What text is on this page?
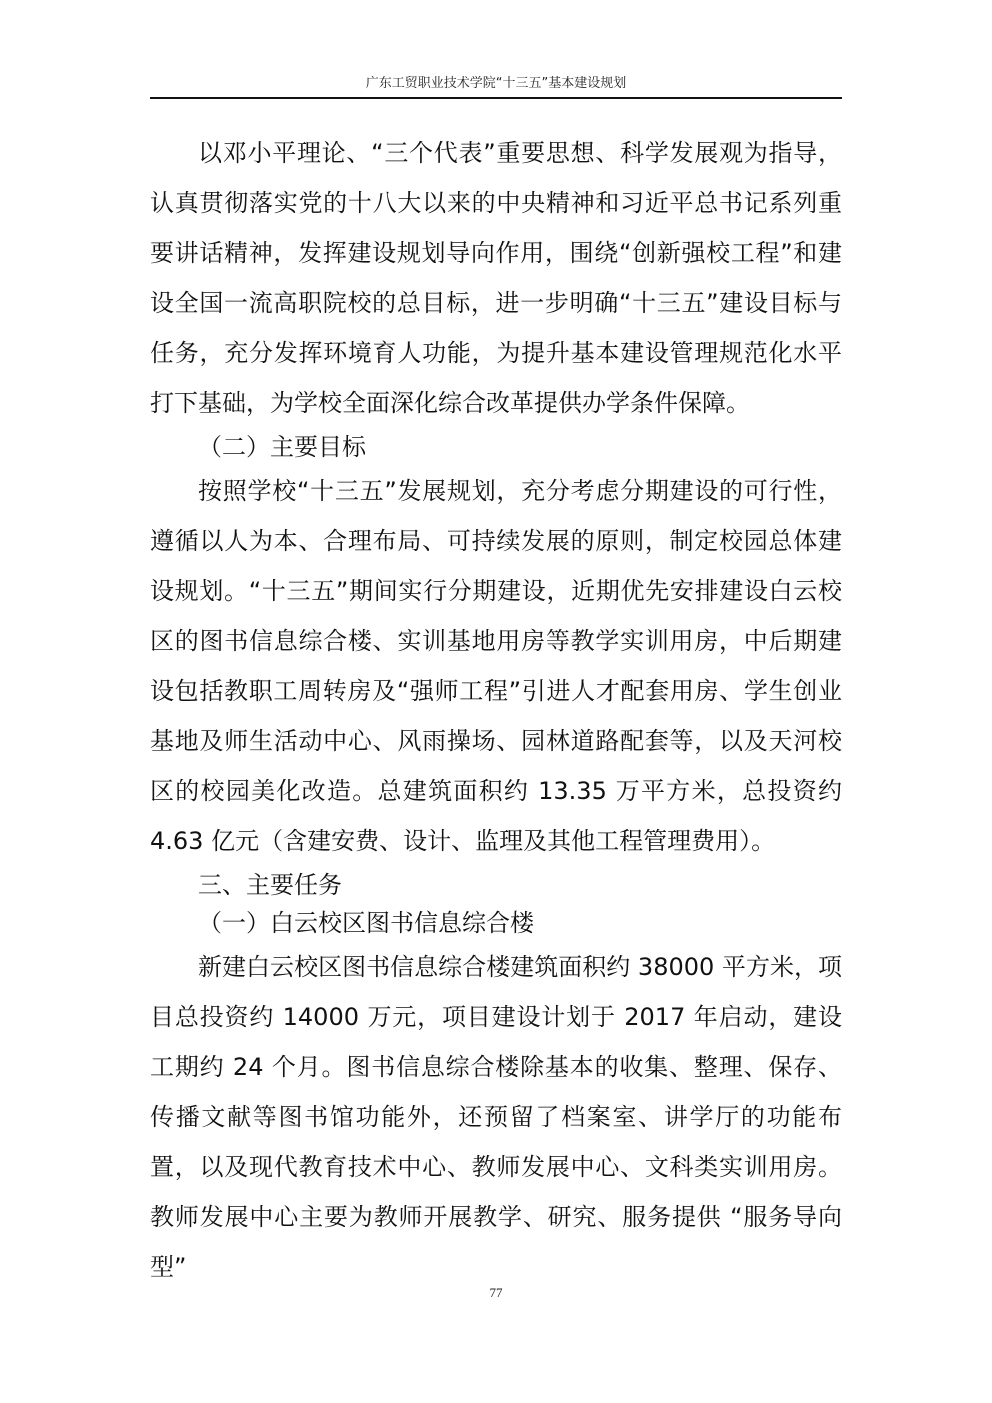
广东工贸职业技术学院“十三五”基本建设规划

以邓小平理论、“三个代表”重要思想、科学发展观为指导，认真贯彻落实党的十八大以来的中央精神和习近平总书记系列重要讲话精神，发挥建设规划导向作用，围绕“创新强校工程”和建设全国一流高职院校的总目标，进一步明确“十三五”建设目标与任务，充分发挥环境育人功能，为提升基本建设管理规范化水平打下基础，为学校全面深化综合改革提供办学条件保障。

（二）主要目标

按照学校“十三五”发展规划，充分考虑分期建设的可行性，遵循以人为本、合理布局、可持续发展的原则，制定校园总体建设规划。“十三五”期间实行分期建设，近期优先安排建设白云校区的图书信息综合楼、实训基地用房等教学实训用房，中后期建设包括教职工周转房及“强师工程”引进人才配套用房、学生创业基地及师生活动中心、风雨操场、园林道路配套等，以及天河校区的校园美化改造。总建筑面积约 13.35 万平方米，总投资约 4.63 亿元（含建安费、设计、监理及其他工程管理费用）。

三、主要任务

（一）白云校区图书信息综合楼

新建白云校区图书信息综合楼建筑面积约 38000 平方米，项目总投资约 14000 万元，项目建设计划于 2017 年启动，建设工期约 24 个月。图书信息综合楼除基本的收集、整理、保存、传播文献等图书馆功能外，还预留了档案室、讲学厅的功能布置，以及现代教育技术中心、教师发展中心、文科类实训用房。教师发展中心主要为教师开展教学、研究、服务提供 “服务导向型”

77
